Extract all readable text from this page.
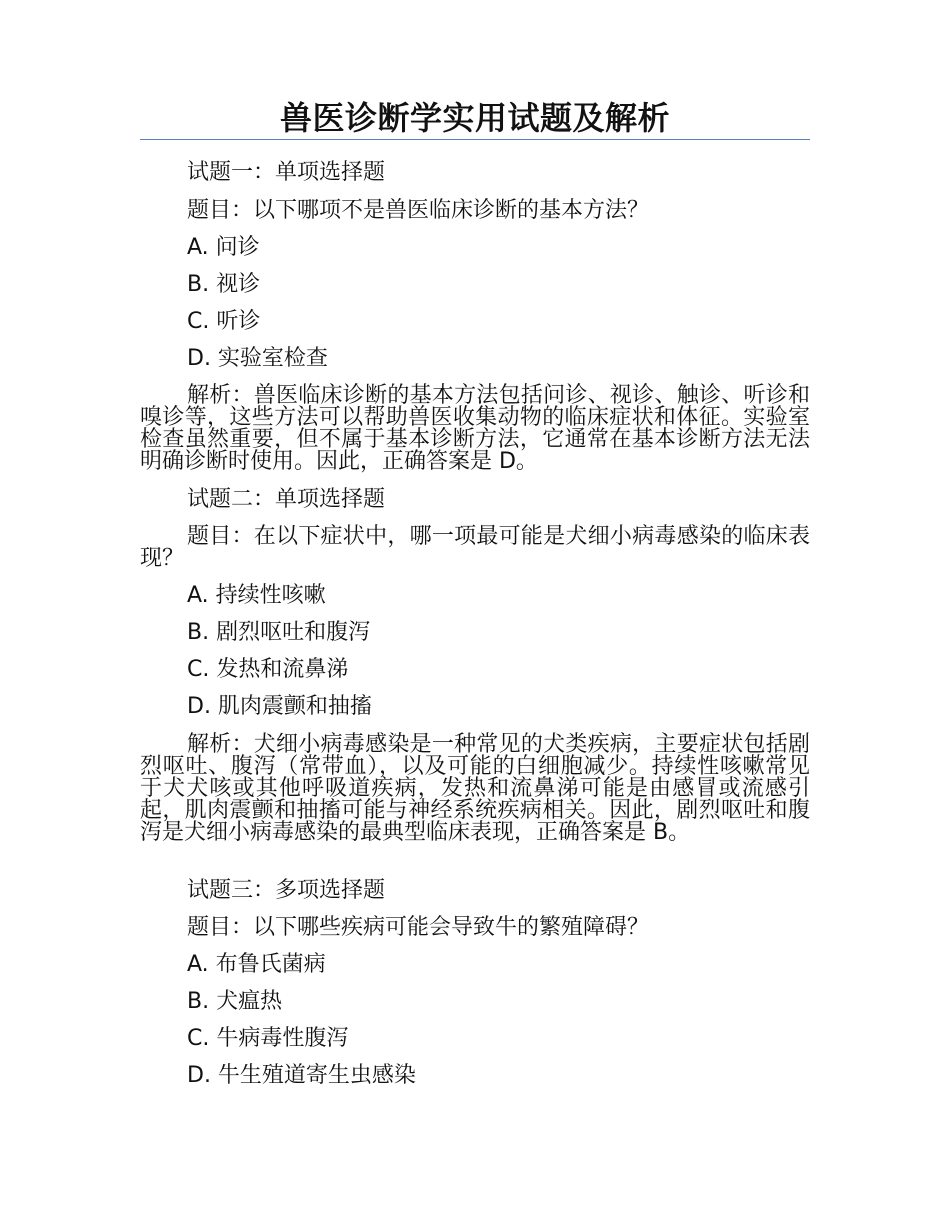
兽医诊断学实用试题及解析

试题一：单项选择题

题目：以下哪项不是兽医临床诊断的基本方法？

A. 问诊

B. 视诊

C. 听诊

D. 实验室检查

解析：兽医临床诊断的基本方法包括问诊、视诊、触诊、听诊和嗅诊等，这些方法可以帮助兽医收集动物的临床症状和体征。实验室检查虽然重要，但不属于基本诊断方法，它通常在基本诊断方法无法明确诊断时使用。因此，正确答案是 D。

试题二：单项选择题

题目：在以下症状中，哪一项最可能是犬细小病毒感染的临床表现？

A. 持续性咳嗽

B. 剧烈呕吐和腹泻

C. 发热和流鼻涕

D. 肌肉震颤和抽搐

解析：犬细小病毒感染是一种常见的犬类疾病，主要症状包括剧烈呕吐、腹泻（常带血），以及可能的白细胞减少。持续性咳嗽常见于犬犬咳或其他呼吸道疾病，发热和流鼻涕可能是由感冒或流感引起，肌肉震颤和抽搐可能与神经系统疾病相关。因此，剧烈呕吐和腹泻是犬细小病毒感染的最典型临床表现，正确答案是 B。

试题三：多项选择题

题目：以下哪些疾病可能会导致牛的繁殖障碍？

A. 布鲁氏菌病

B. 犬瘟热

C. 牛病毒性腹泻

D. 牛生殖道寄生虫感染
